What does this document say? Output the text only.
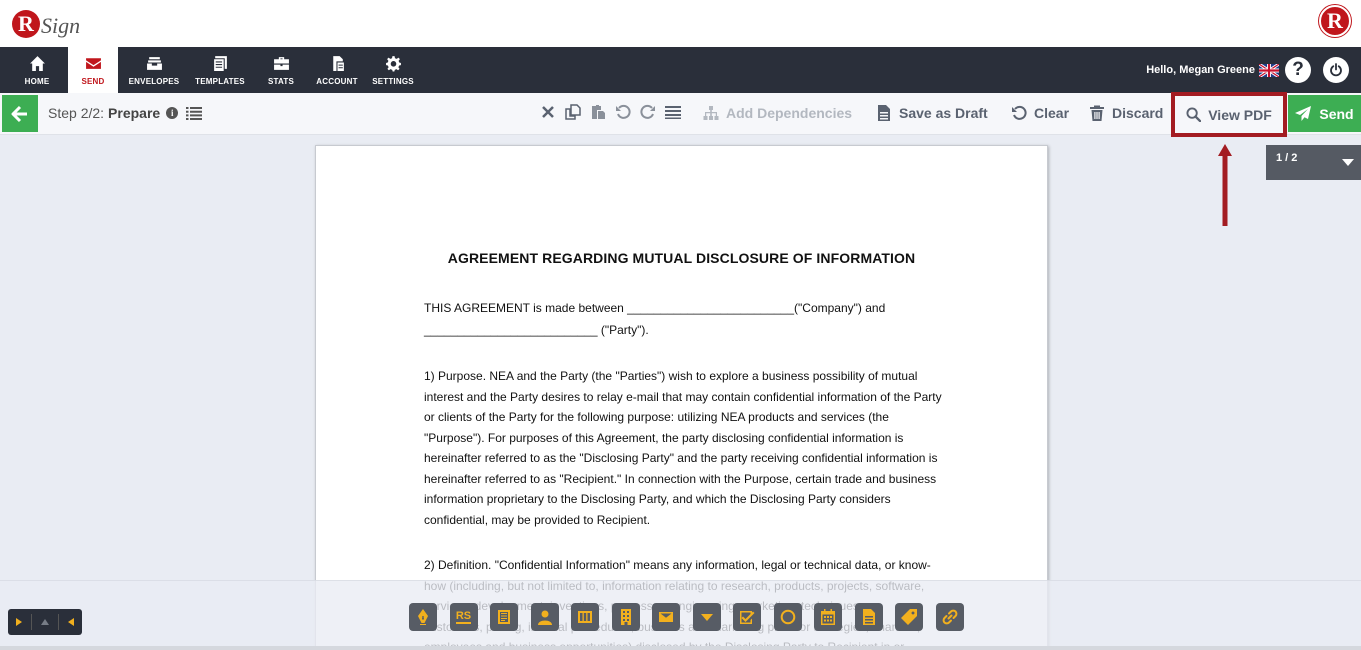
R Sign	R
HOME	SEND	ENVELOPES TEMPLATES	STATS	ACCOUNT SETTINGS
Hello, Megan Greene ?
Step 2/2: Prepare	i	Add Dependencies	Save as Draft	Clear	Discard	View PDF	Send
1 / 2
AGREEMENT REGARDING MUTUAL DISCLOSURE OF INFORMATION
THIS AGREEMENT is made between _________________________("Company") and
__________________________ ("Party").
1) Purpose. NEA and the Party (the "Parties") wish to explore a business possibility of mutual
interest and the Party desires to relay e-mail that may contain confidential information of the Party
or clients of the Party for the following purpose: utilizing NEA products and services (the
"Purpose"). For purposes of this Agreement, the party disclosing confidential information is
hereinafter referred to as the "Disclosing Party" and the party receiving confidential information is
hereinafter referred to as "Recipient." In connection with the Purpose, certain trade and business
information proprietary to the Disclosing Party, and which the Disclosing Party considers
confidential, may be provided to Recipient.
2) Definition. "Confidential Information" means any information, legal or technical data, or know-
RS
